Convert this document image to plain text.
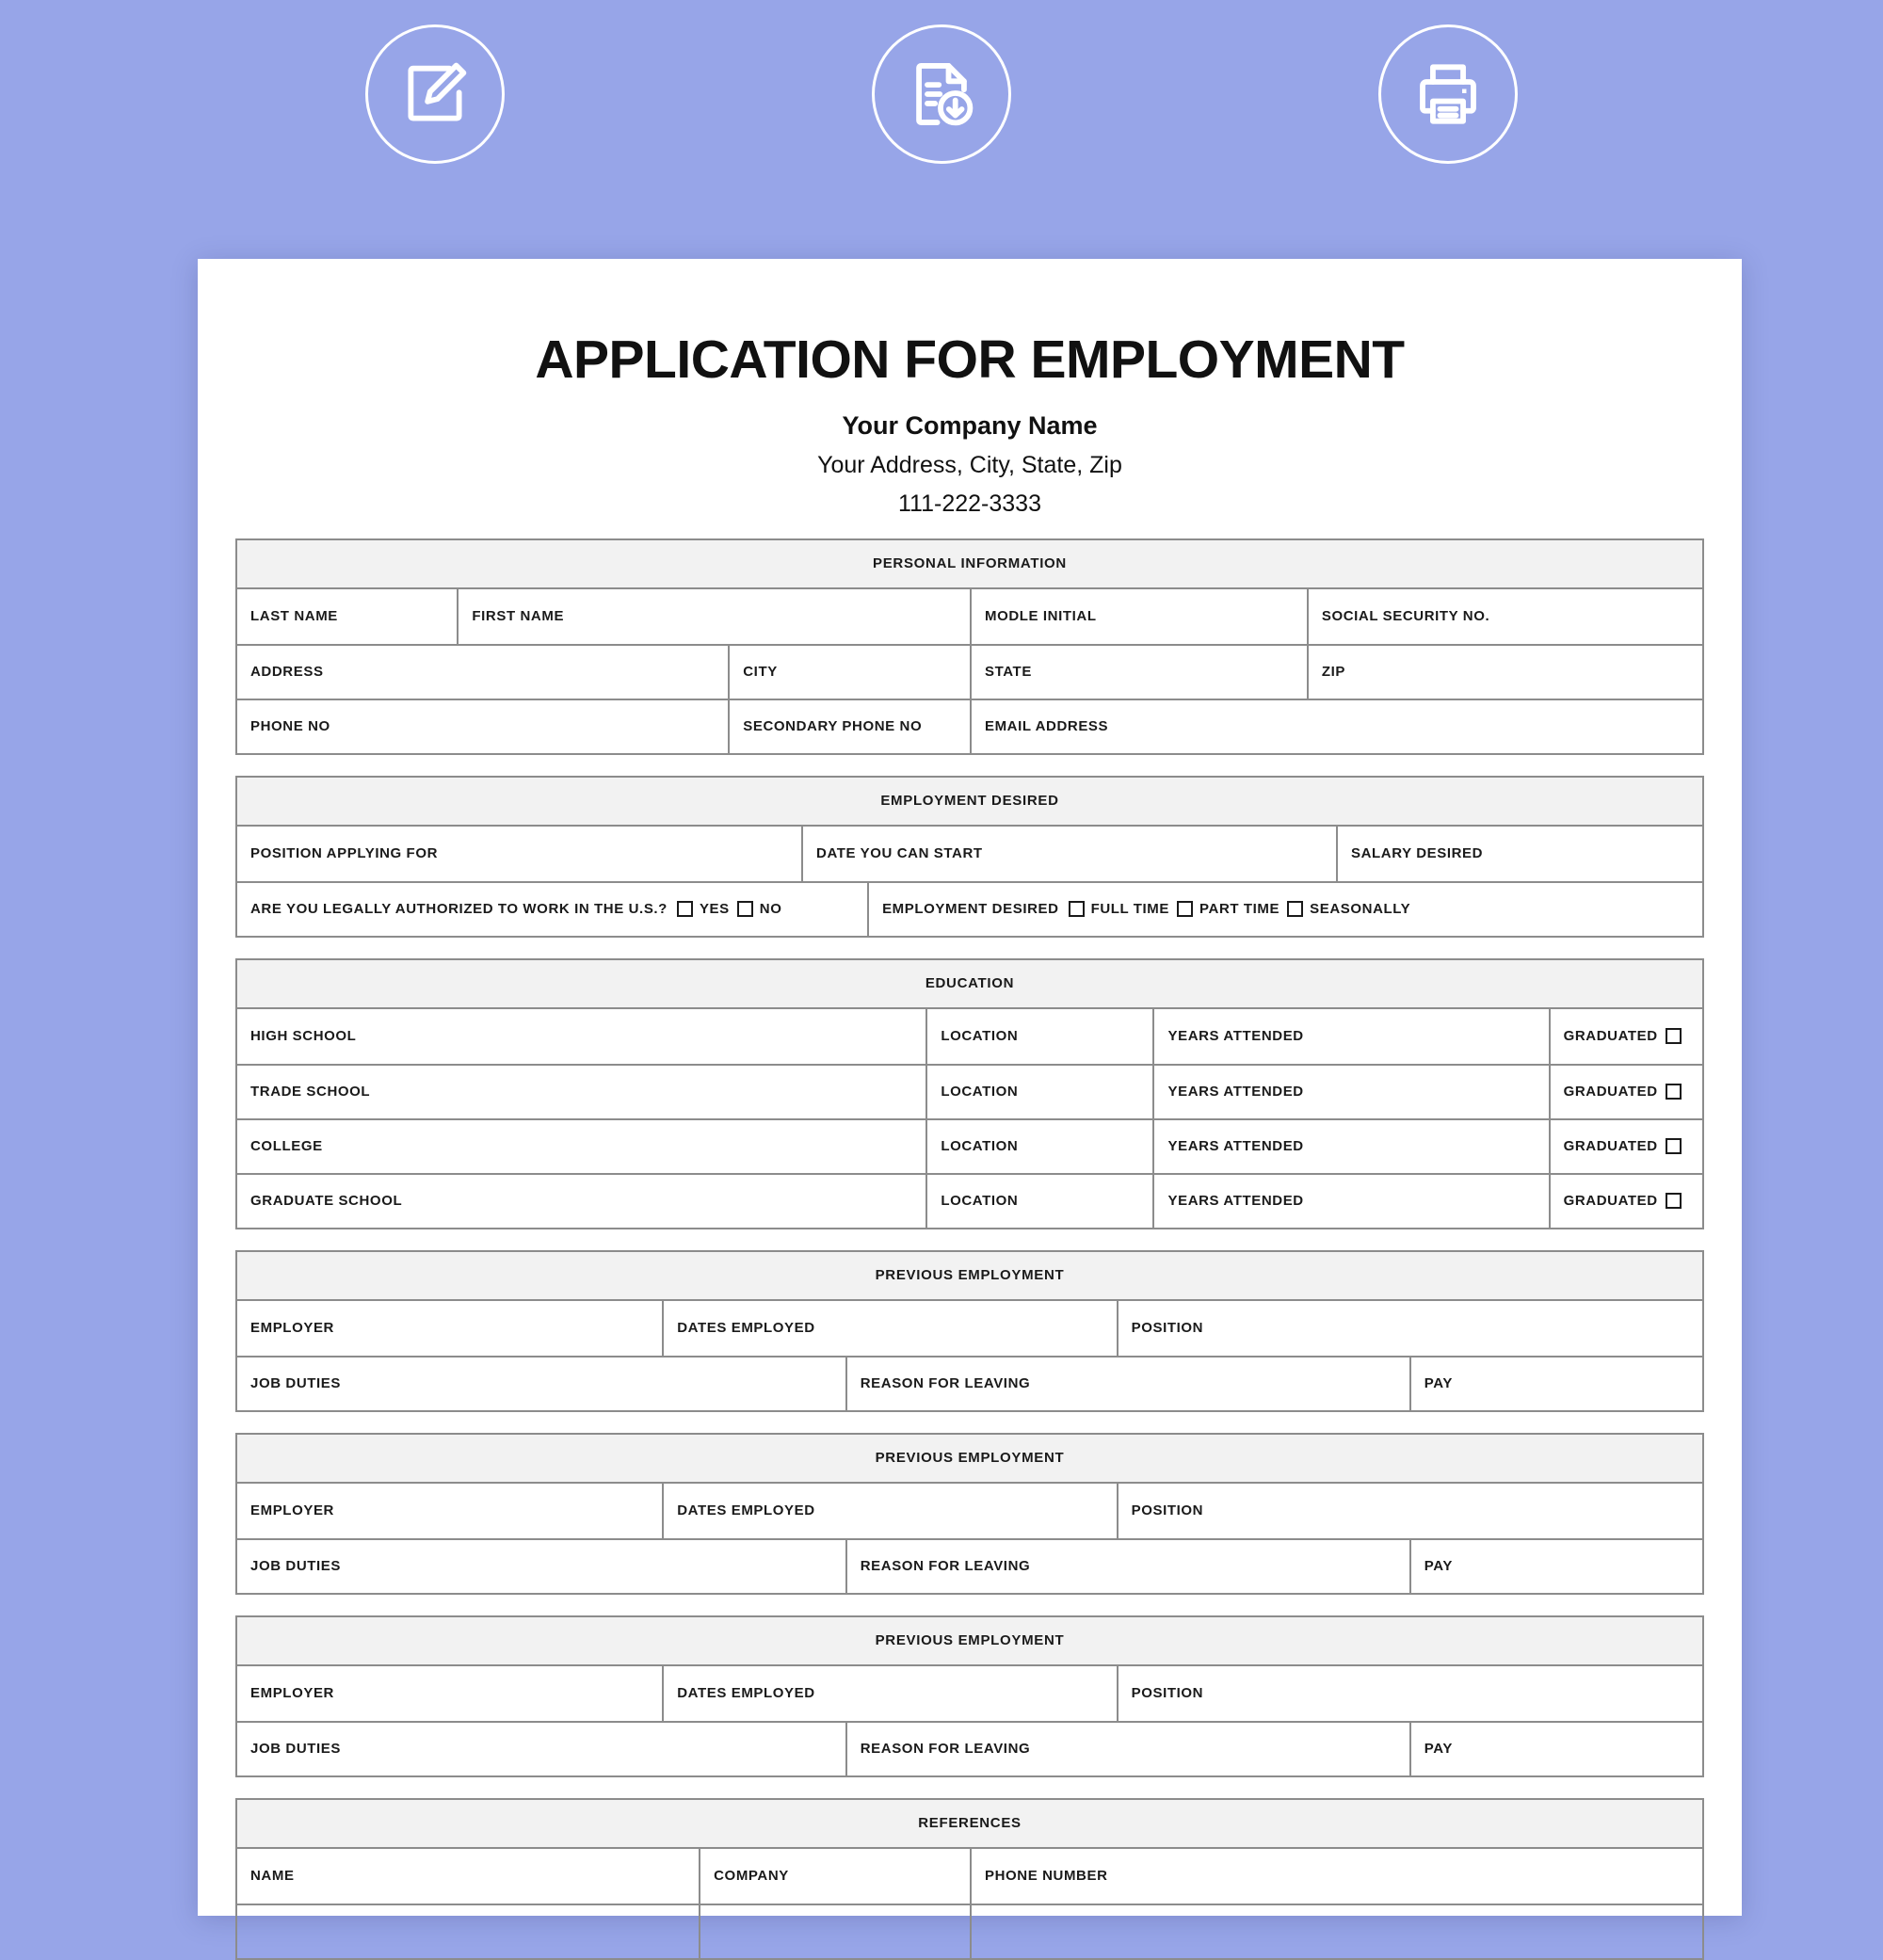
APPLICATION FOR EMPLOYMENT
Your Company Name
Your Address, City, State, Zip
111-222-3333
PERSONAL INFORMATION
LAST NAME	FIRST NAME	MODLE INITIAL	SOCIAL SECURITY NO.
ADDRESS	CITY	STATE	ZIP
PHONE NO	SECONDARY PHONE NO	EMAIL ADDRESS
EMPLOYMENT DESIRED
POSITION APPLYING FOR	DATE YOU CAN START	SALARY DESIRED
ARE YOU LEGALLY AUTHORIZED TO WORK IN THE U.S.? YES NO	EMPLOYMENT DESIRED FULL TIME PART TIME SEASONALLY
EDUCATION
HIGH SCHOOL	LOCATION	YEARS ATTENDED	GRADUATED
TRADE SCHOOL	LOCATION	YEARS ATTENDED	GRADUATED
COLLEGE	LOCATION	YEARS ATTENDED	GRADUATED
GRADUATE SCHOOL	LOCATION	YEARS ATTENDED	GRADUATED
PREVIOUS EMPLOYMENT
EMPLOYER	DATES EMPLOYED	POSITION
JOB DUTIES	REASON FOR LEAVING	PAY
PREVIOUS EMPLOYMENT
EMPLOYER	DATES EMPLOYED	POSITION
JOB DUTIES	REASON FOR LEAVING	PAY
PREVIOUS EMPLOYMENT
EMPLOYER	DATES EMPLOYED	POSITION
JOB DUTIES	REASON FOR LEAVING	PAY
REFERENCES
NAME	COMPANY	PHONE NUMBER
